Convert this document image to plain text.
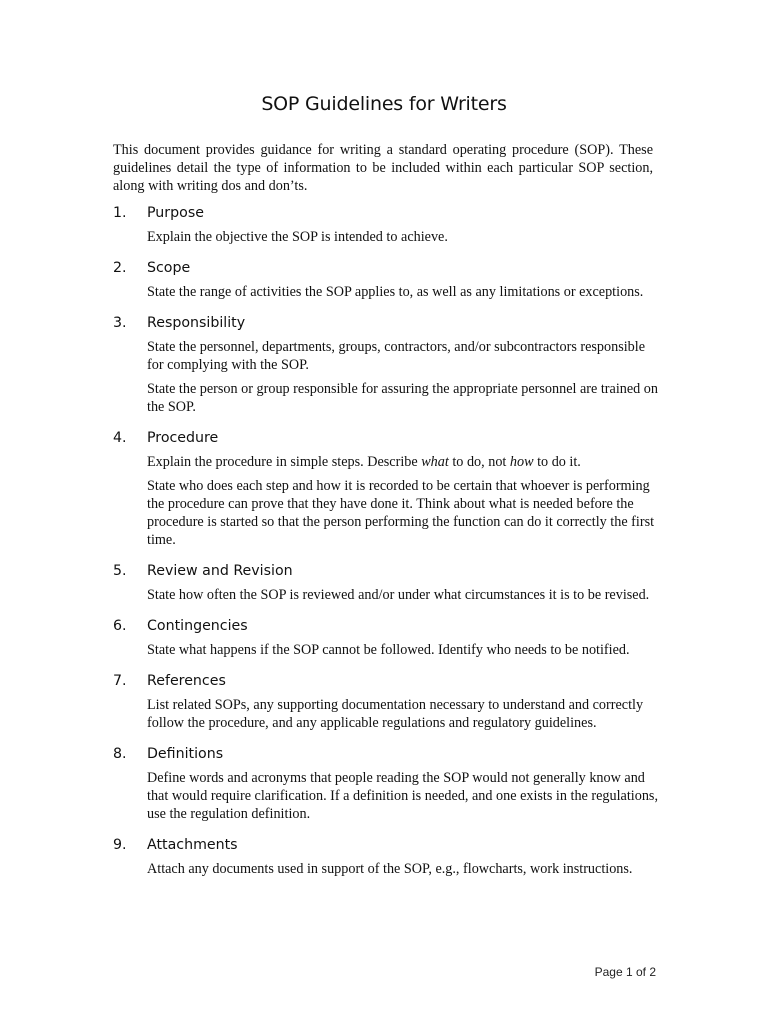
SOP Guidelines for Writers

This document provides guidance for writing a standard operating procedure (SOP). These guidelines detail the type of information to be included within each particular SOP section, along with writing dos and don’ts.

1.	Purpose

Explain the objective the SOP is intended to achieve.

2.	Scope

State the range of activities the SOP applies to, as well as any limitations or exceptions.

3.	Responsibility

State the personnel, departments, groups, contractors, and/or subcontractors responsible for complying with the SOP.

State the person or group responsible for assuring the appropriate personnel are trained on the SOP.

4.	Procedure

Explain the procedure in simple steps. Describe what to do, not how to do it.

State who does each step and how it is recorded to be certain that whoever is performing the procedure can prove that they have done it. Think about what is needed before the procedure is started so that the person performing the function can do it correctly the first time.

5.	Review and Revision

State how often the SOP is reviewed and/or under what circumstances it is to be revised.

6.	Contingencies

State what happens if the SOP cannot be followed. Identify who needs to be notified.

7.	References

List related SOPs, any supporting documentation necessary to understand and correctly follow the procedure, and any applicable regulations and regulatory guidelines.

8.	Definitions

Define words and acronyms that people reading the SOP would not generally know and that would require clarification. If a definition is needed, and one exists in the regulations, use the regulation definition.

9.	Attachments

Attach any documents used in support of the SOP, e.g., flowcharts, work instructions.

Page 1 of 2
